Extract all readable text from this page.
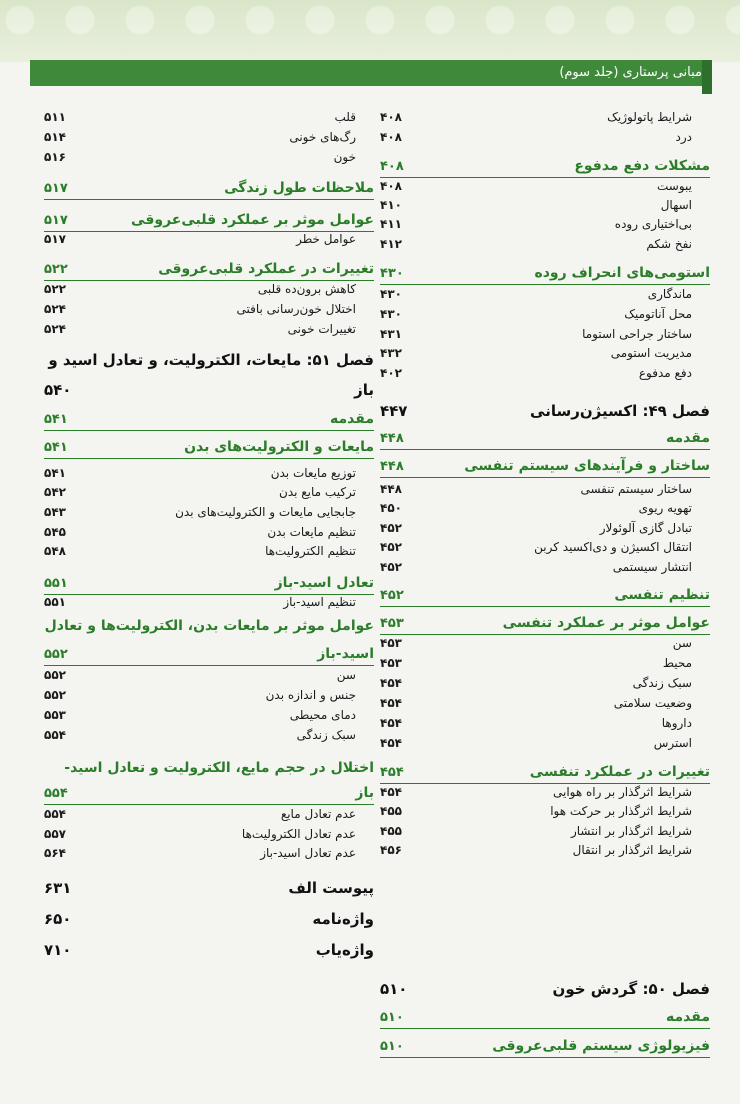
مبانی پرستاری (جلد سوم)
شرایط پاتولوژیک
۴۰۸
درد
۴۰۸
مشکلات دفع مدفوع
۴۰۸
یبوست
۴۰۸
اسهال
۴۱۰
بی‌اختیاری روده
۴۱۱
نفخ شکم
۴۱۲
استومی‌های انحراف روده
۴۳۰
ماندگاری
۴۳۰
محل آناتومیک
۴۳۰
ساختار جراحی استوما
۴۳۱
مدیریت استومی
۴۳۲
دفع مدفوع
۴۰۲
فصل ۴۹: اکسیژن‌رسانی
۴۴۷
مقدمه
۴۴۸
ساختار و فرآیندهای سیستم تنفسی
۴۴۸
ساختار سیستم تنفسی
۴۴۸
تهویه ریوی
۴۵۰
تبادل گازی آلوئولار
۴۵۲
انتقال اکسیژن و دی‌اکسید کربن
۴۵۲
انتشار سیستمی
۴۵۲
تنظیم تنفسی
۴۵۲
عوامل موثر بر عملکرد تنفسی
۴۵۳
سن
۴۵۳
محیط
۴۵۳
سبک زندگی
۴۵۴
وضعیت سلامتی
۴۵۴
داروها
۴۵۴
استرس
۴۵۴
تغییرات در عملکرد تنفسی
۴۵۴
شرایط اثرگذار بر راه هوایی
۴۵۴
شرایط اثرگذار بر حرکت هوا
۴۵۵
شرایط اثرگذار بر انتشار
۴۵۵
شرایط اثرگذار بر انتقال
۴۵۶
فصل ۵۰: گردش خون
۵۱۰
مقدمه
۵۱۰
فیزیولوژی سیستم قلبی‌عروقی
۵۱۰
قلب
۵۱۱
رگ‌های خونی
۵۱۴
خون
۵۱۶
ملاحظات طول زندگی
۵۱۷
عوامل موثر بر عملکرد قلبی‌عروقی
۵۱۷
عوامل خطر
۵۱۷
تغییرات در عملکرد قلبی‌عروقی
۵۲۲
کاهش برون‌ده قلبی
۵۲۲
اختلال خون‌رسانی بافتی
۵۲۴
تغییرات خونی
۵۲۴
فصل ۵۱: مایعات، الکترولیت، و تعادل اسید و
باز
۵۴۰
مقدمه
۵۴۱
مایعات و الکترولیت‌های بدن
۵۴۱
توزیع مایعات بدن
۵۴۱
ترکیب مایع بدن
۵۴۲
جابجایی مایعات و الکترولیت‌های بدن
۵۴۳
تنظیم مایعات بدن
۵۴۵
تنظیم الکترولیت‌ها
۵۴۸
تعادل اسید-باز
۵۵۱
تنظیم اسید-باز
۵۵۱
عوامل موثر بر مایعات بدن، الکترولیت‌ها و تعادل
اسید-باز
۵۵۲
سن
۵۵۲
جنس و اندازه بدن
۵۵۲
دمای محیطی
۵۵۳
سبک زندگی
۵۵۴
اختلال در حجم مایع، الکترولیت و تعادل اسید-
باز
۵۵۴
عدم تعادل مایع
۵۵۴
عدم تعادل الکترولیت‌ها
۵۵۷
عدم تعادل اسید-باز
۵۶۴
پیوست الف
۶۳۱
واژه‌نامه
۶۵۰
واژه‌یاب
۷۱۰
